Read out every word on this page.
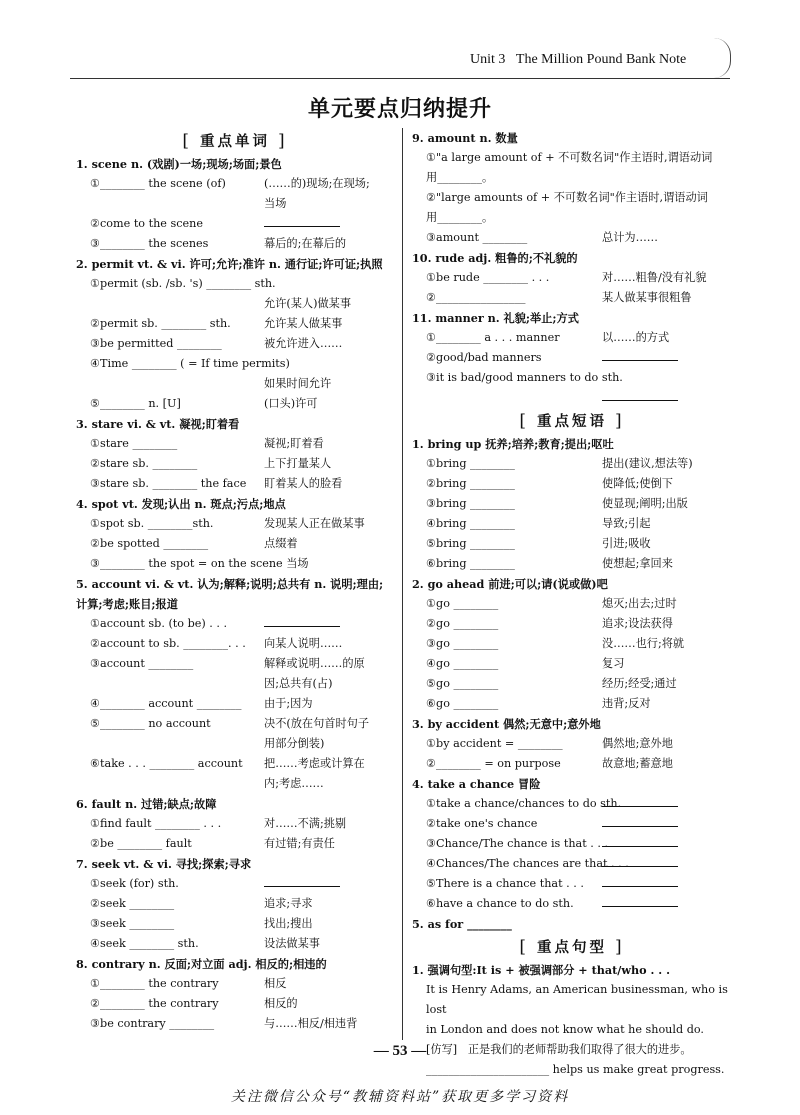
Unit 3 The Million Pound Bank Note
单元要点归纳提升
[ 重点单词 ]
1. scene n. (戏剧)一场;现场;场面;景色
①________ the scene (of)	(……的)现场;在现场;
当场
②come to the scene
③________ the scenes	幕后的;在幕后的
2. permit vt. & vi. 许可;允许;准许 n. 通行证;许可证;执照
①permit (sb. /sb. 's) ________ sth.
允许(某人)做某事
②permit sb. ________ sth.	允许某人做某事
③be permitted ________	被允许进入……
④Time ________ ( = If time permits)
如果时间允许
⑤________ n. [U]	(口头)许可
3. stare vi. & vt. 凝视;盯着看
①stare ________	凝视;盯着看
②stare sb. ________	上下打量某人
③stare sb. ________ the face	盯着某人的脸看
4. spot vt. 发现;认出 n. 斑点;污点;地点
①spot sb. ________sth.	发现某人正在做某事
②be spotted ________	点缀着
③________ the spot = on the scene 当场
5. account vi. & vt. 认为;解释;说明;总共有 n. 说明;理由;计算;考虑;账目;报道
①account sb. (to be) . . .
②account to sb. ________. . .	向某人说明……
③account ________	解释或说明……的原
因;总共有(占)
④________ account ________	由于;因为
⑤________ no account	决不(放在句首时句子
用部分倒装)
⑥take . . . ________ account	把……考虑或计算在
内;考虑……
6. fault n. 过错;缺点;故障
①find fault ________ . . .	对……不满;挑剔
②be ________ fault	有过错;有责任
7. seek vt. & vi. 寻找;探索;寻求
①seek (for) sth.
②seek ________	追求;寻求
③seek ________	找出;搜出
④seek ________ sth.	设法做某事
8. contrary n. 反面;对立面 adj. 相反的;相违的
①________ the contrary	相反
②________ the contrary	相反的
③be contrary ________	与……相反/相违背
9. amount n. 数量
①"a large amount of + 不可数名词"作主语时,谓语动词
用________。
②"large amounts of + 不可数名词"作主语时,谓语动词
用________。
③amount ________	总计为……
10. rude adj. 粗鲁的;不礼貌的
①be rude ________ . . .	对……粗鲁/没有礼貌
②________________	某人做某事很粗鲁
11. manner n. 礼貌;举止;方式
①________ a . . . manner	以……的方式
②good/bad manners
③it is bad/good manners to do sth.
[ 重点短语 ]
1. bring up 抚养;培养;教育;提出;呕吐
①bring ________	提出(建议,想法等)
②bring ________	使降低;使倒下
③bring ________	使显现;阐明;出版
④bring ________	导致;引起
⑤bring ________	引进;吸收
⑥bring ________	使想起;拿回来
2. go ahead 前进;可以;请(说或做)吧
①go ________	熄灭;出去;过时
②go ________	追求;设法获得
③go ________	没……也行;将就
④go ________	复习
⑤go ________	经历;经受;通过
⑥go ________	违背;反对
3. by accident 偶然;无意中;意外地
①by accident = ________	偶然地;意外地
②________ = on purpose	故意地;蓄意地
4. take a chance 冒险
①take a chance/chances to do sth.
②take one's chance
③Chance/The chance is that . . .
④Chances/The chances are that . . .
⑤There is a chance that . . .
⑥have a chance to do sth.
5. as for ________
[ 重点句型 ]
1. 强调句型:It is + 被强调部分 + that/who . . .
It is Henry Adams, an American businessman, who is lost
in London and does not know what he should do.
[仿写]   正是我们的老师帮助我们取得了很大的进步。
______________________ helps us make great progress.
— 53 —
关注微信公众号“教辅资料站”获取更多学习资料
